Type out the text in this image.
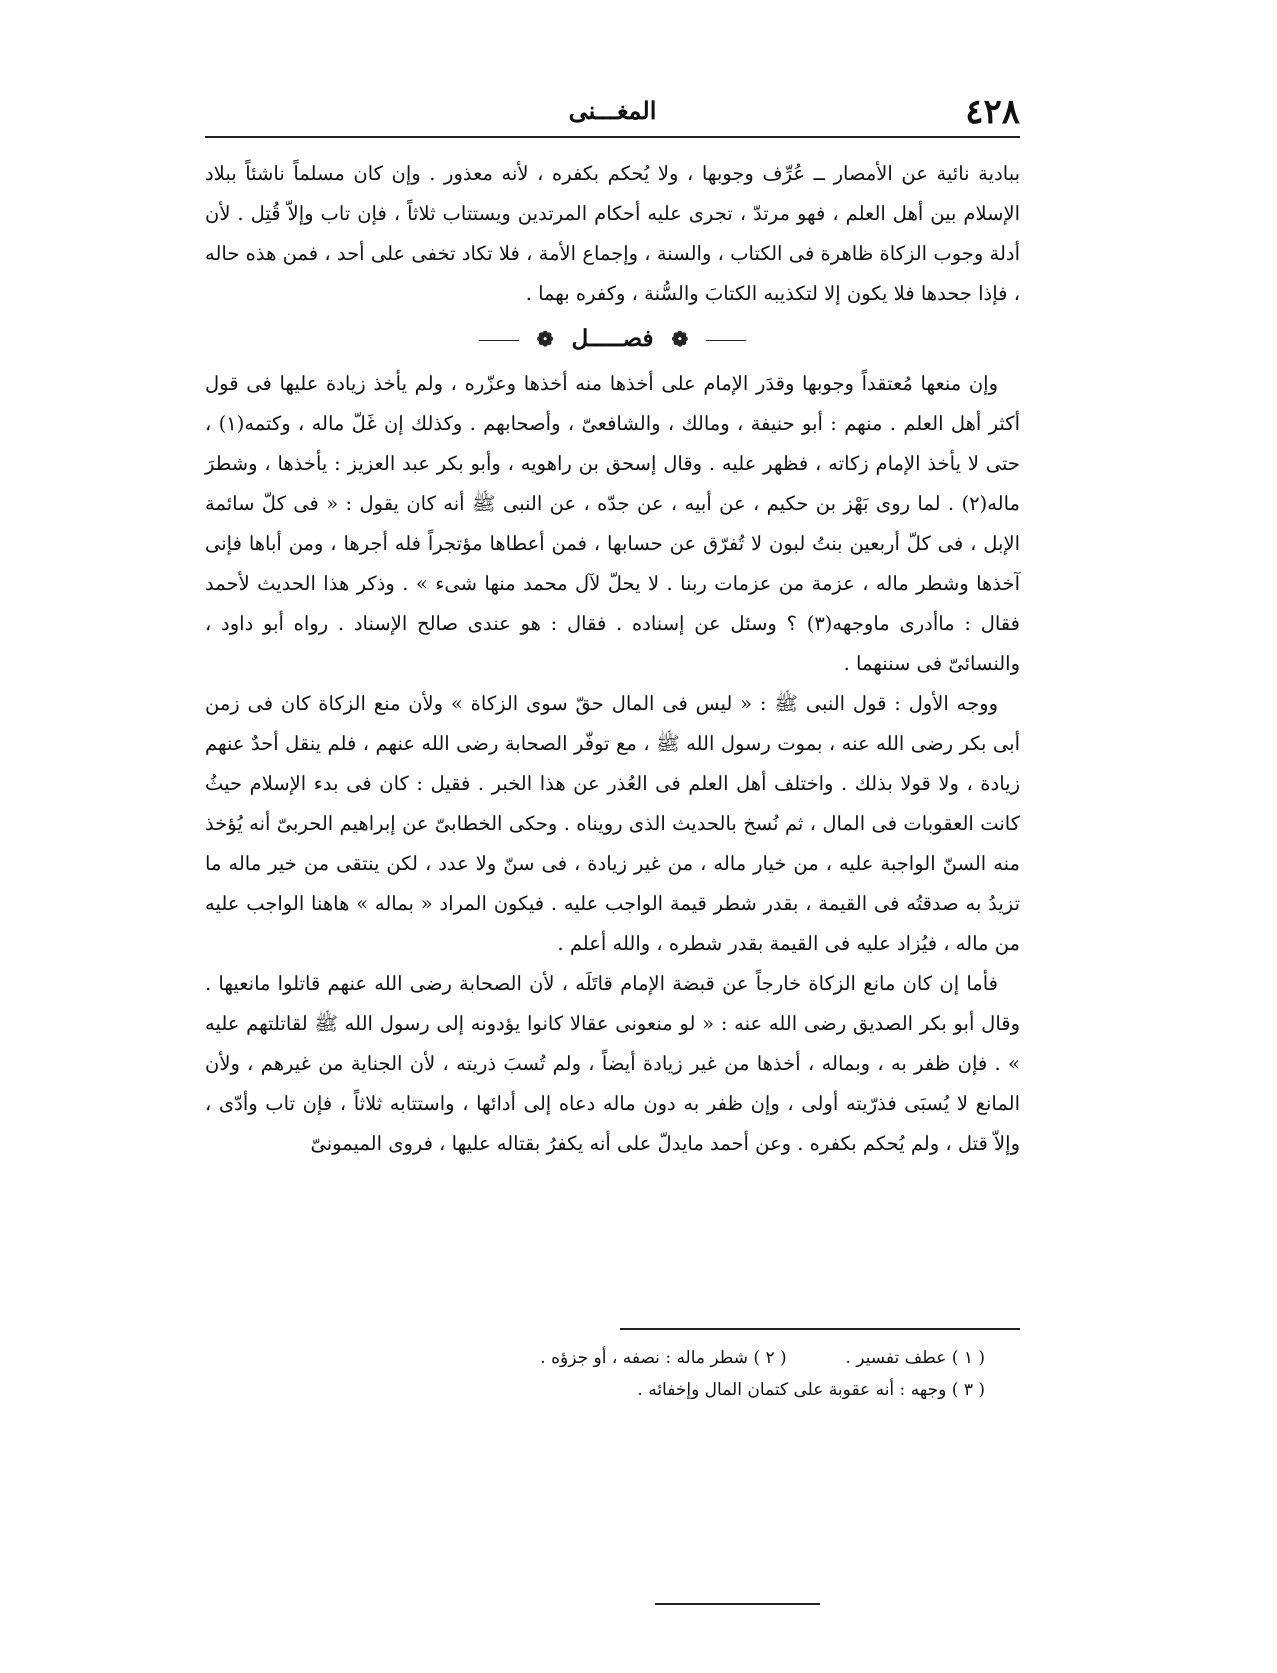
٤٢٨
المغـــنى

ببادية نائية عن الأمصار ــ عُرِّف وجوبها ، ولا يُحكم بكفره ، لأنه معذور . وإن كان مسلماً ناشئاً ببلاد الإسلام بين أهل العلم ، فهو مرتدّ ، تجرى عليه أحكام المرتدين ويستتاب ثلاثاً ، فإن تاب وإلاّ قُتِل . لأن أدلة وجوب الزكاة ظاهرة فى الكتاب ، والسنة ، وإجماع الأمة ، فلا تكاد تخفى على أحد ، فمن هذه حاله ، فإذا جحدها فلا يكون إلا لتكذيبه الكتابَ والسُّنة ، وكفره بهما .

❁ فصـــــل ❁

وإن منعها مُعتقداً وجوبها وقدَر الإمام على أخذها منه أخذها وعزّره ، ولم يأخذ زيادة عليها فى قول أكثر أهل العلم . منهم : أبو حنيفة ، ومالك ، والشافعىّ ، وأصحابهم . وكذلك إن غَلّ ماله ، وكتمه(١) ، حتى لا يأخذ الإمام زكاته ، فظهر عليه . وقال إسحق بن راهويه ، وأبو بكر عبد العزيز : يأخذها ، وشطرَ ماله(٢) . لما روى بَهْز بن حكيم ، عن أبيه ، عن جدّه ، عن النبى ﷺ أنه كان يقول : « فى كلّ سائمة الإبل ، فى كلّ أربعين بنتُ لبون لا تُفرّق عن حسابها ، فمن أعطاها مؤتجراً فله أجرها ، ومن أباها فإنى آخذها وشطر ماله ، عزمة من عزمات ربنا . لا يحلّ لآل محمد منها شىء » . وذكر هذا الحديث لأحمد فقال : ماأدرى ماوجهه(٣) ؟ وسئل عن إسناده . فقال : هو عندى صالح الإسناد . رواه أبو داود ، والنسائىّ فى سننهما .

ووجه الأول : قول النبى ﷺ : « ليس فى المال حقّ سوى الزكاة » ولأن منع الزكاة كان فى زمن أبى بكر رضى الله عنه ، بموت رسول الله ﷺ ، مع توفّر الصحابة رضى الله عنهم ، فلم ينقل أحدٌ عنهم زيادة ، ولا قولا بذلك . واختلف أهل العلم فى العُذر عن هذا الخبر . فقيل : كان فى بدء الإسلام حيثُ كانت العقوبات فى المال ، ثم نُسخ بالحديث الذى رويناه . وحكى الخطابىّ عن إبراهيم الحربىّ أنه يُؤخذ منه السنّ الواجبة عليه ، من خيار ماله ، من غير زيادة ، فى سنّ ولا عدد ، لكن ينتقى من خير ماله ما تزيدُ به صدقتُه فى القيمة ، بقدر شطر قيمة الواجب عليه . فيكون المراد « بماله » هاهنا الواجب عليه من ماله ، فيُزاد عليه فى القيمة بقدر شطره ، والله أعلم .

فأما إن كان مانع الزكاة خارجاً عن قبضة الإمام قاتَلَه ، لأن الصحابة رضى الله عنهم قاتلوا مانعيها . وقال أبو بكر الصديق رضى الله عنه : « لو منعونى عقالا كانوا يؤدونه إلى رسول الله ﷺ لقاتلتهم عليه » . فإن ظفر به ، وبماله ، أخذها من غير زيادة أيضاً ، ولم تُسبَ ذريته ، لأن الجناية من غيرهم ، ولأن المانع لا يُسبَى فذرّيته أولى ، وإن ظفر به دون ماله دعاه إلى أدائها ، واستتابه ثلاثاً ، فإن تاب وأدّى ، وإلاّ قتل ، ولم يُحكم بكفره . وعن أحمد مايدلّ على أنه يكفرُ بقتاله عليها ، فروى الميمونىّ

( ١ ) عطف تفسير .  ( ٢ ) شطر ماله : نصفه ، أو جزؤه .
( ٣ ) وجهه : أنه عقوبة على كتمان المال وإخفائه .
